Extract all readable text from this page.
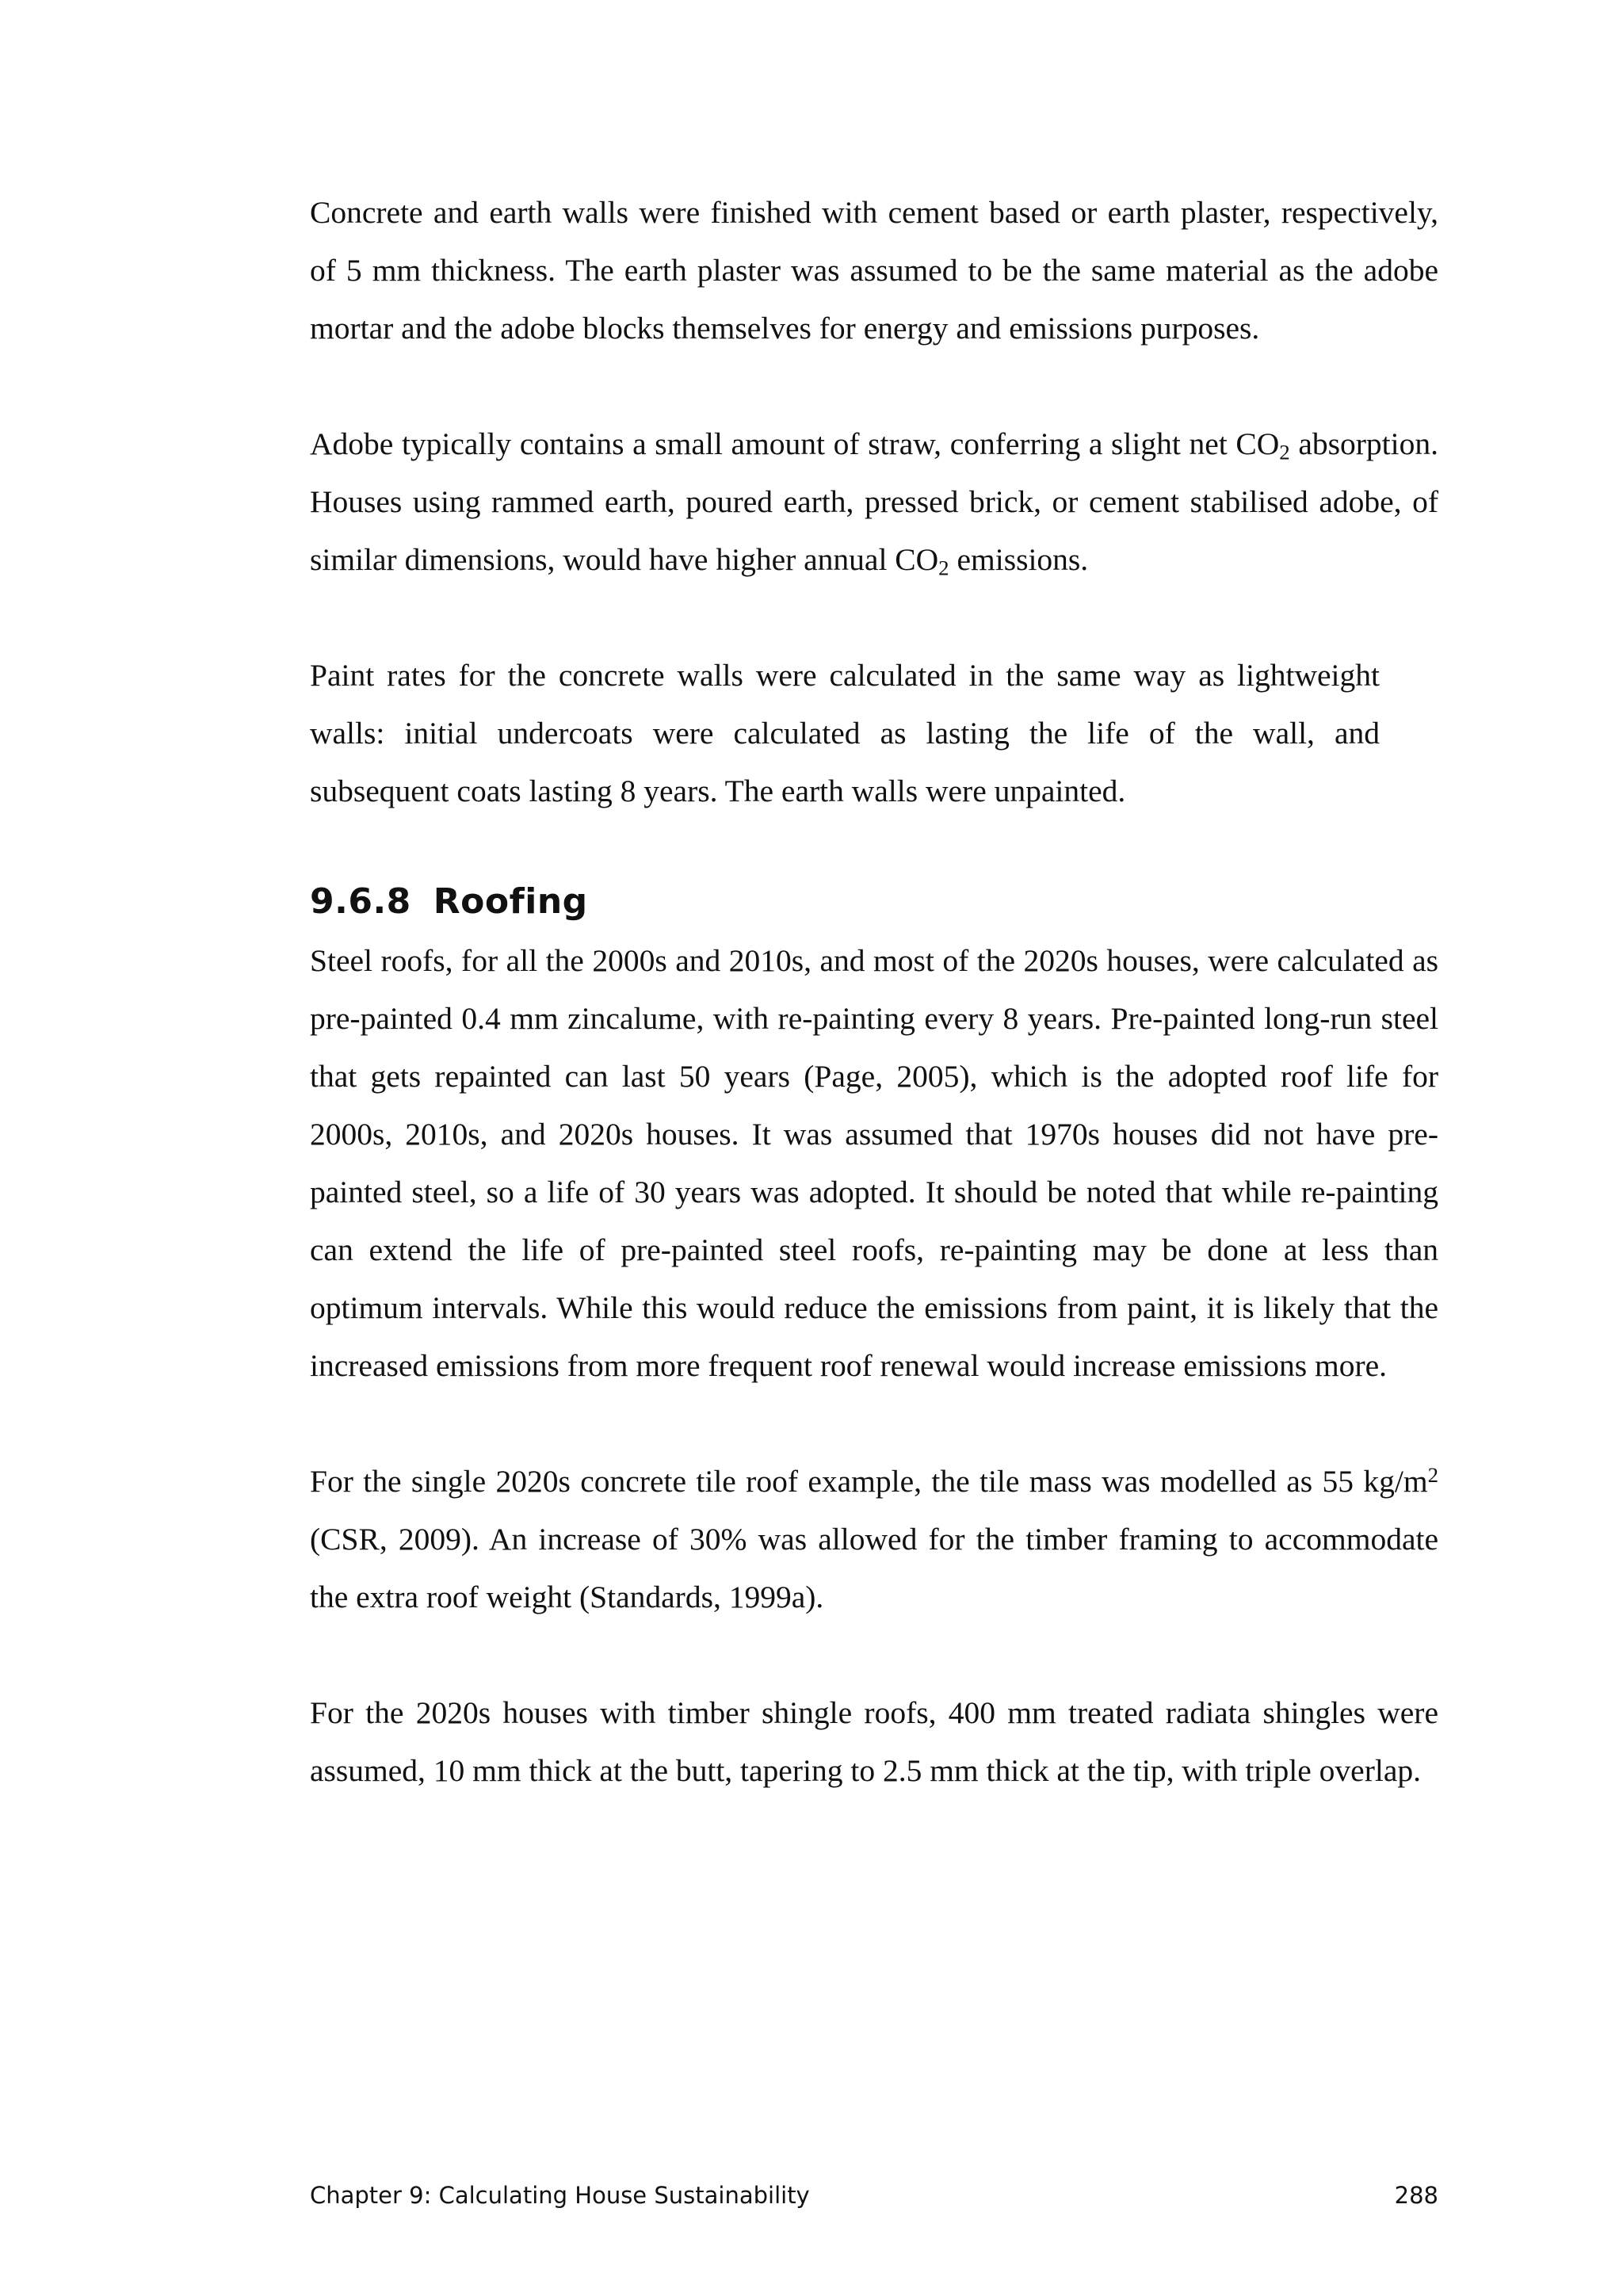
Concrete and earth walls were finished with cement based or earth plaster, respectively, of 5 mm thickness. The earth plaster was assumed to be the same material as the adobe mortar and the adobe blocks themselves for energy and emissions purposes.

Adobe typically contains a small amount of straw, conferring a slight net $CO_2$ absorption. Houses using rammed earth, poured earth, pressed brick, or cement stabilised adobe, of similar dimensions, would have higher annual $CO_2$ emissions.

Paint rates for the concrete walls were calculated in the same way as lightweight walls: initial undercoats were calculated as lasting the life of the wall, and subsequent coats lasting 8 years. The earth walls were unpainted.

9.6.8 Roofing

Steel roofs, for all the 2000s and 2010s, and most of the 2020s houses, were calculated as pre-painted 0.4 mm zincalume, with re-painting every 8 years. Pre-painted long-run steel that gets repainted can last 50 years (Page, 2005), which is the adopted roof life for 2000s, 2010s, and 2020s houses. It was assumed that 1970s houses did not have pre-painted steel, so a life of 30 years was adopted. It should be noted that while re-painting can extend the life of pre-painted steel roofs, re-painting may be done at less than optimum intervals. While this would reduce the emissions from paint, it is likely that the increased emissions from more frequent roof renewal would increase emissions more.

For the single 2020s concrete tile roof example, the tile mass was modelled as 55 $kg/m^2$ (CSR, 2009). An increase of 30% was allowed for the timber framing to accommodate the extra roof weight (Standards, 1999a).

For the 2020s houses with timber shingle roofs, 400 mm treated radiata shingles were assumed, 10 mm thick at the butt, tapering to 2.5 mm thick at the tip, with triple overlap.

Chapter 9: Calculating House Sustainability	288
